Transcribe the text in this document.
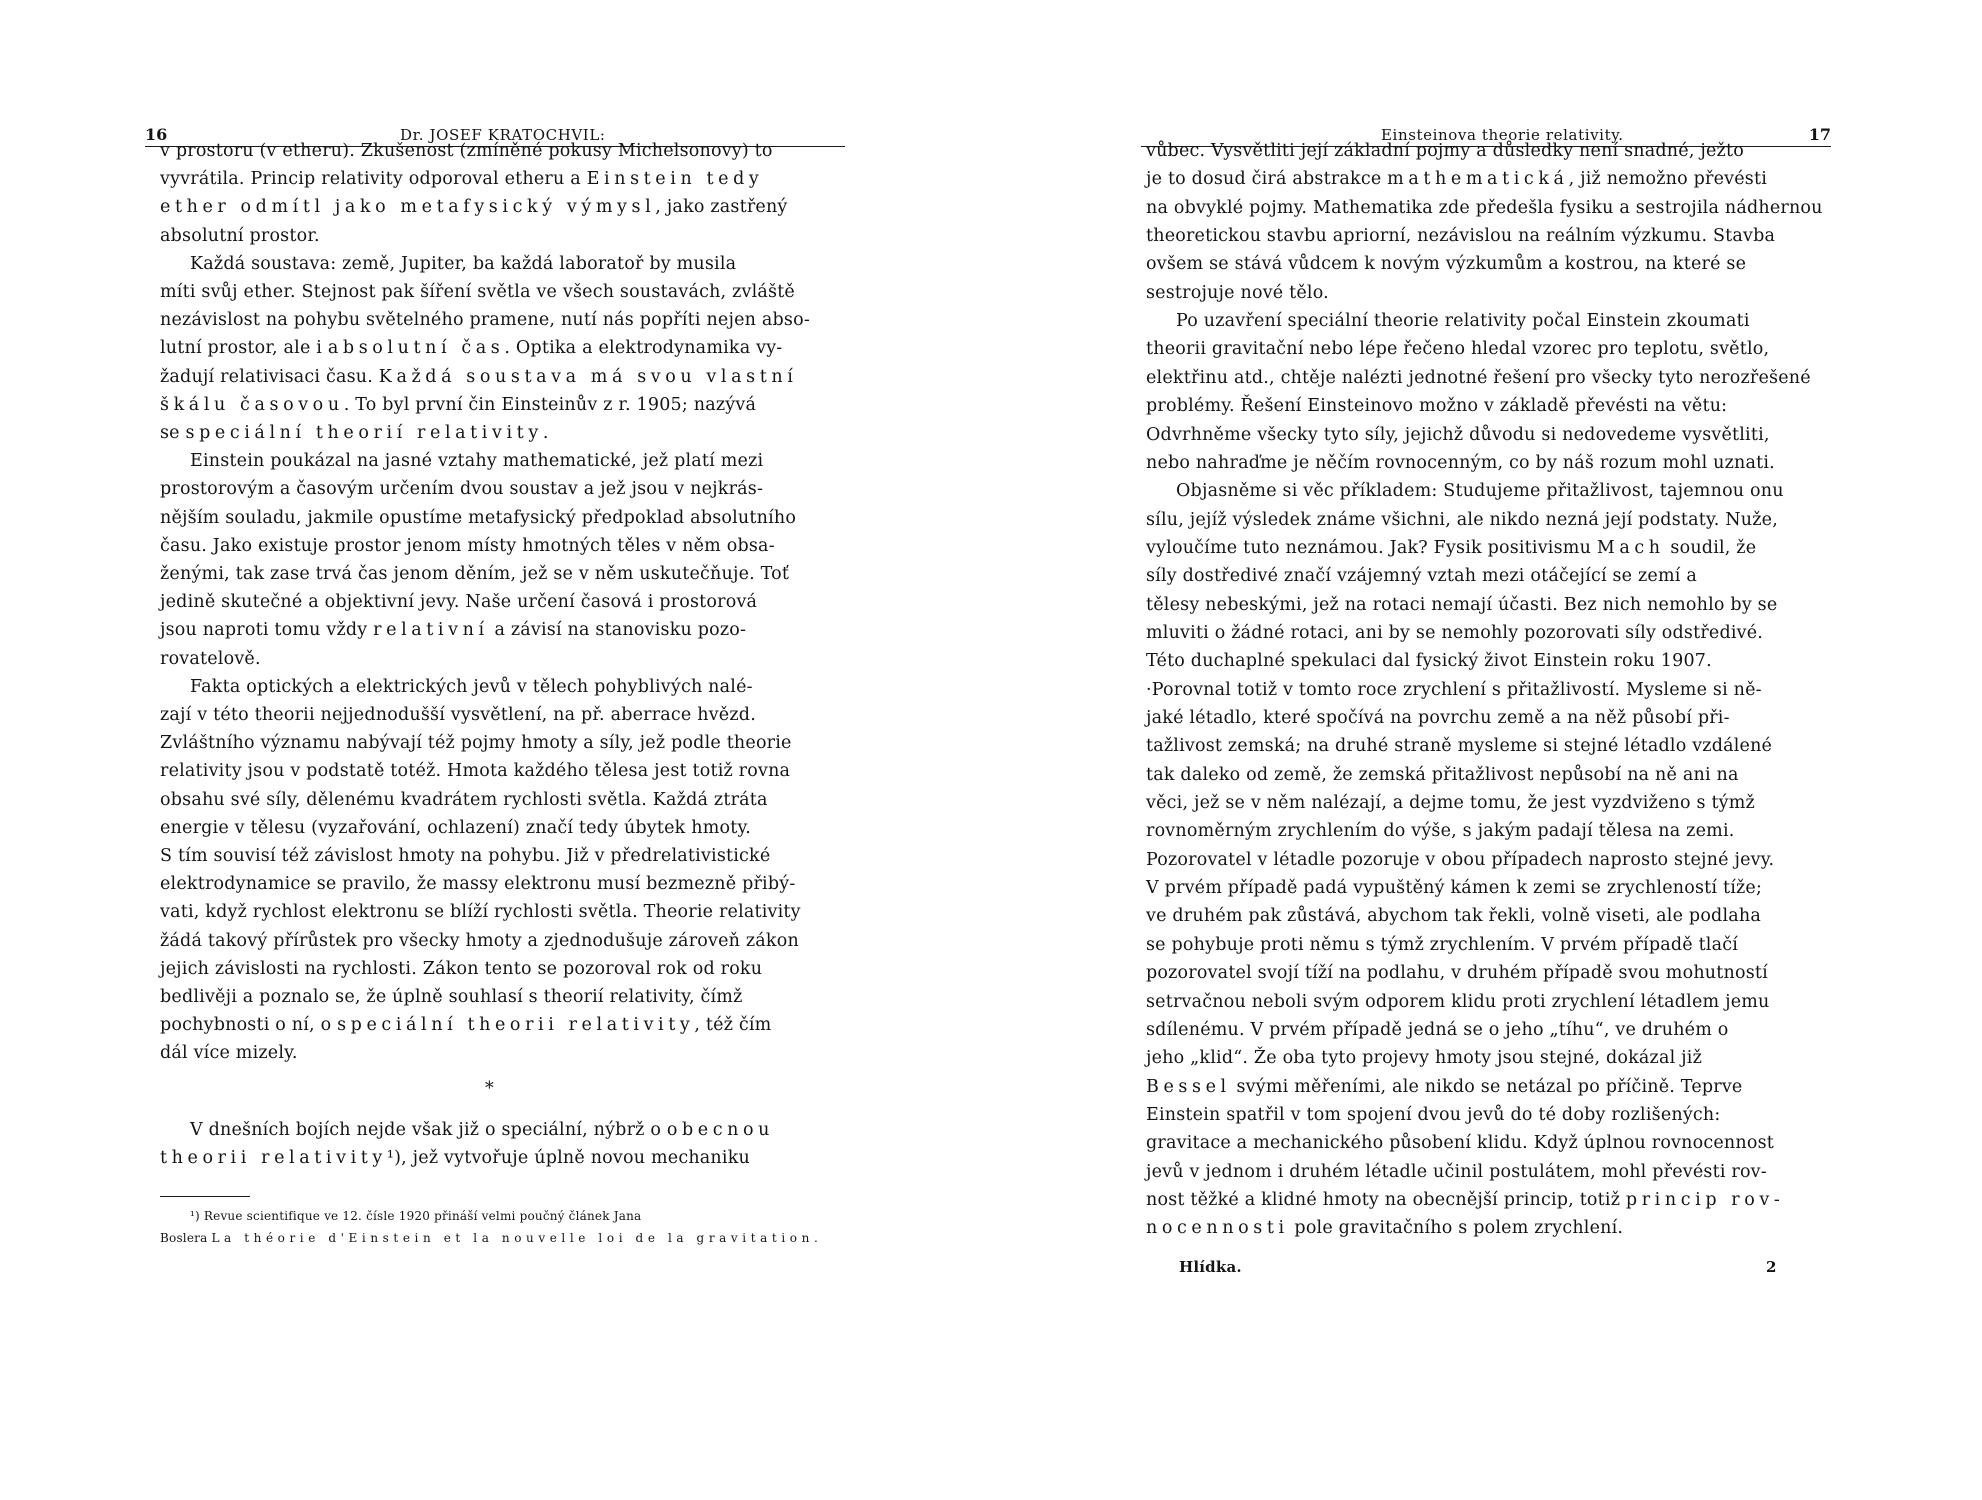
16	Dr. JOSEF KRATOCHVIL:
v prostoru (v etheru). Zkušenost (zmíněné pokusy Michelsonovy) to
vyvrátila. Princip relativity odporoval etheru a Einstein tedy
ether odmítl jako metafysický výmysl, jako zastřený
absolutní prostor.
Každá soustava: země, Jupiter, ba každá laboratoř by musila
míti svůj ether. Stejnost pak šíření světla ve všech soustavách, zvláště
nezávislost na pohybu světelného pramene, nutí nás popříti nejen abso-
lutní prostor, ale i absolutní čas. Optika a elektrodynamika vy-
žadují relativisaci času. Každá soustava má svou vlastní
škálu časovou. To byl první čin Einsteinův z r. 1905; nazývá
se speciální theorií relativity.
Einstein poukázal na jasné vztahy mathematické, jež platí mezi
prostorovým a časovým určením dvou soustav a jež jsou v nejkrás-
nějším souladu, jakmile opustíme metafysický předpoklad absolutního
času. Jako existuje prostor jenom místy hmotných těles v něm obsa-
ženými, tak zase trvá čas jenom děním, jež se v něm uskutečňuje. Toť
jedině skutečné a objektivní jevy. Naše určení časová i prostorová
jsou naproti tomu vždy relativní a závisí na stanovisku pozo-
rovatelově.
Fakta optických a elektrických jevů v tělech pohyblivých nalé-
zají v této theorii nejjednodušší vysvětlení, na př. aberrace hvězd.
Zvláštního významu nabývají též pojmy hmoty a síly, jež podle theorie
relativity jsou v podstatě totéž. Hmota každého tělesa jest totiž rovna
obsahu své síly, dělenému kvadrátem rychlosti světla. Každá ztráta
energie v tělesu (vyzařování, ochlazení) značí tedy úbytek hmoty.
S tím souvisí též závislost hmoty na pohybu. Již v předrelativistické
elektrodynamice se pravilo, že massy elektronu musí bezmezně přibý-
vati, když rychlost elektronu se blíží rychlosti světla. Theorie relativity
žádá takový přírůstek pro všecky hmoty a zjednodušuje zároveň zákon
jejich závislosti na rychlosti. Zákon tento se pozoroval rok od roku
bedlivěji a poznalo se, že úplně souhlasí s theorií relativity, čímž
pochybnosti o ní, o speciální theorii relativity, též čím
dál více mizely.
*
V dnešních bojích nejde však již o speciální, nýbrž o obecnou
theorii relativity¹), jež vytvořuje úplně novou mechaniku
¹) Revue scientifique ve 12. čísle 1920 přináší velmi poučný článek Jana
Boslera La théorie d'Einstein et la nouvelle loi de la gravitation.
Einsteinova theorie relativity.	17
vůbec. Vysvětliti její základní pojmy a důsledky není snadné, ježto
je to dosud čirá abstrakce mathematická, již nemožno převésti
na obvyklé pojmy. Mathematika zde předešla fysiku a sestrojila nádhernou
theoretickou stavbu apriorní, nezávislou na reálním výzkumu. Stavba
ovšem se stává vůdcem k novým výzkumům a kostrou, na které se
sestrojuje nové tělo.
Po uzavření speciální theorie relativity počal Einstein zkoumati
theorii gravitační nebo lépe řečeno hledal vzorec pro teplotu, světlo,
elektřinu atd., chtěje nalézti jednotné řešení pro všecky tyto nerozřešené
problémy. Řešení Einsteinovo možno v základě převésti na větu:
Odvrhněme všecky tyto síly, jejichž důvodu si nedovedeme vysvětliti,
nebo nahraďme je něčím rovnocenným, co by náš rozum mohl uznati.
Objasněme si věc příkladem: Studujeme přitažlivost, tajemnou onu
sílu, jejíž výsledek známe všichni, ale nikdo nezná její podstaty. Nuže,
vyloučíme tuto neznámou. Jak? Fysik positivismu Mach soudil, že
síly dostředivé značí vzájemný vztah mezi otáčející se zemí a
tělesy nebeskými, jež na rotaci nemají účasti. Bez nich nemohlo by se
mluviti o žádné rotaci, ani by se nemohly pozorovati síly odstředivé.
Této duchaplné spekulaci dal fysický život Einstein roku 1907.
·Porovnal totiž v tomto roce zrychlení s přitažlivostí. Mysleme si ně-
jaké létadlo, které spočívá na povrchu země a na něž působí při-
tažlivost zemská; na druhé straně mysleme si stejné létadlo vzdálené
tak daleko od země, že zemská přitažlivost nepůsobí na ně ani na
věci, jež se v něm nalézají, a dejme tomu, že jest vyzdviženo s týmž
rovnoměrným zrychlením do výše, s jakým padají tělesa na zemi.
Pozorovatel v létadle pozoruje v obou případech naprosto stejné jevy.
V prvém případě padá vypuštěný kámen k zemi se zrychleností tíže;
ve druhém pak zůstává, abychom tak řekli, volně viseti, ale podlaha
se pohybuje proti němu s týmž zrychlením. V prvém případě tlačí
pozorovatel svojí tíží na podlahu, v druhém případě svou mohutností
setrvačnou neboli svým odporem klidu proti zrychlení létadlem jemu
sdílenému. V prvém případě jedná se o jeho „tíhu“, ve druhém o
jeho „klid“. Že oba tyto projevy hmoty jsou stejné, dokázal již
Bessel svými měřeními, ale nikdo se netázal po příčině. Teprve
Einstein spatřil v tom spojení dvou jevů do té doby rozlišených:
gravitace a mechanického působení klidu. Když úplnou rovnocennost
jevů v jednom i druhém létadle učinil postulátem, mohl převésti rov-
nost těžké a klidné hmoty na obecnější princip, totiž princip rov-
nocennosti pole gravitačního s polem zrychlení.
Hlídka.	2
